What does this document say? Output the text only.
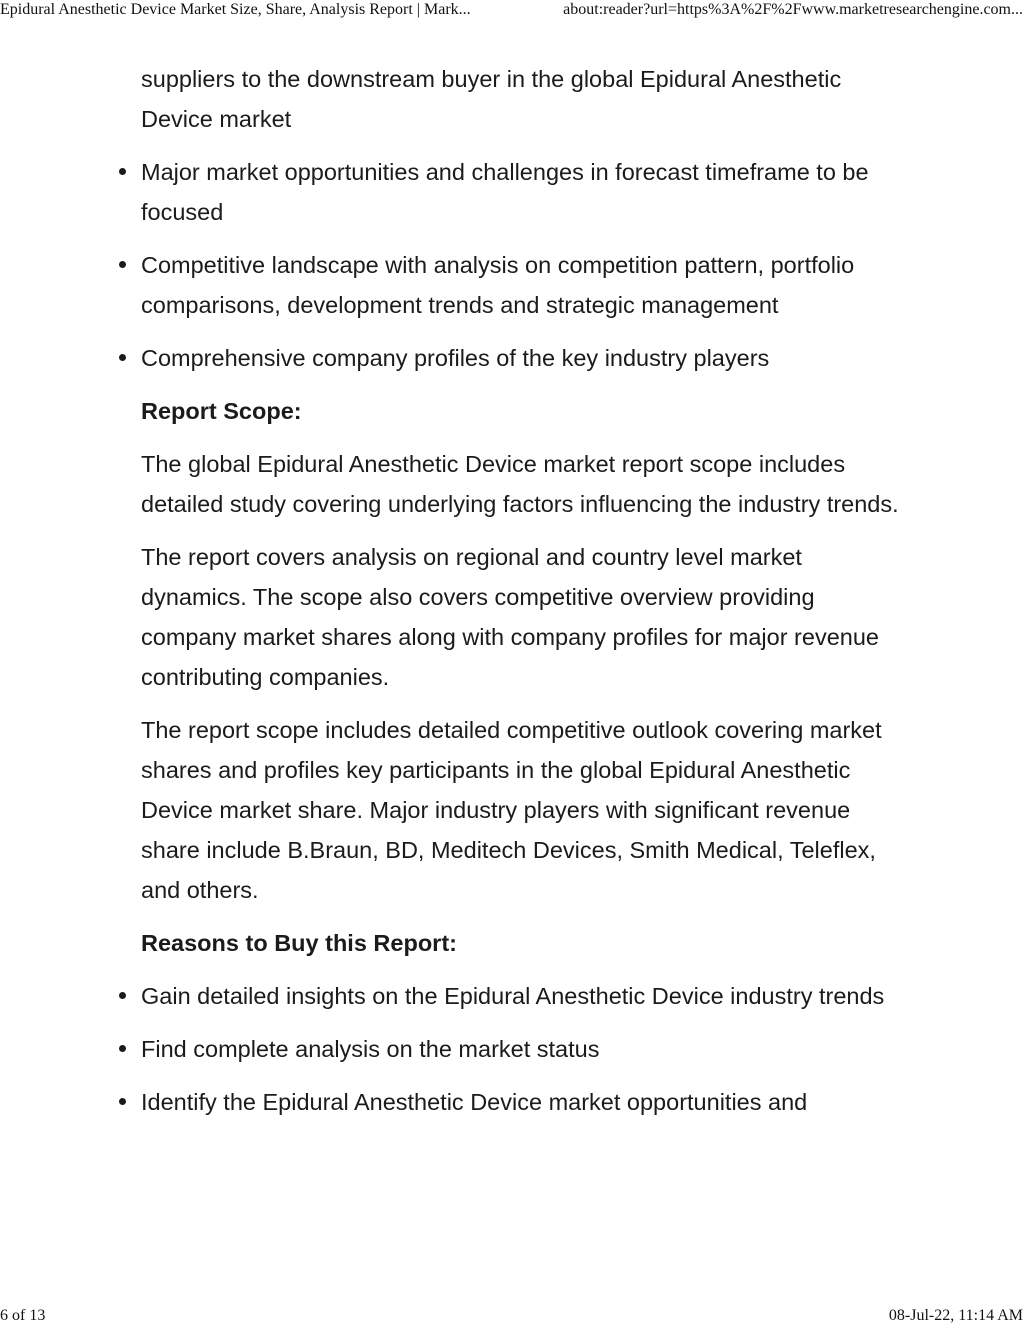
Epidural Anesthetic Device Market Size, Share, Analysis Report | Mark...	about:reader?url=https%3A%2F%2Fwww.marketresearchengine.com...
suppliers to the downstream buyer in the global Epidural Anesthetic Device market
Major market opportunities and challenges in forecast timeframe to be focused
Competitive landscape with analysis on competition pattern, portfolio comparisons, development trends and strategic management
Comprehensive company profiles of the key industry players
Report Scope:

The global Epidural Anesthetic Device market report scope includes detailed study covering underlying factors influencing the industry trends.

The report covers analysis on regional and country level market dynamics. The scope also covers competitive overview providing company market shares along with company profiles for major revenue contributing companies.

The report scope includes detailed competitive outlook covering market shares and profiles key participants in the global Epidural Anesthetic Device market share. Major industry players with significant revenue share include B.Braun, BD, Meditech Devices, Smith Medical, Teleflex, and others.

Reasons to Buy this Report:
Gain detailed insights on the Epidural Anesthetic Device industry trends
Find complete analysis on the market status
Identify the Epidural Anesthetic Device market opportunities and
6 of 13	08-Jul-22, 11:14 AM
